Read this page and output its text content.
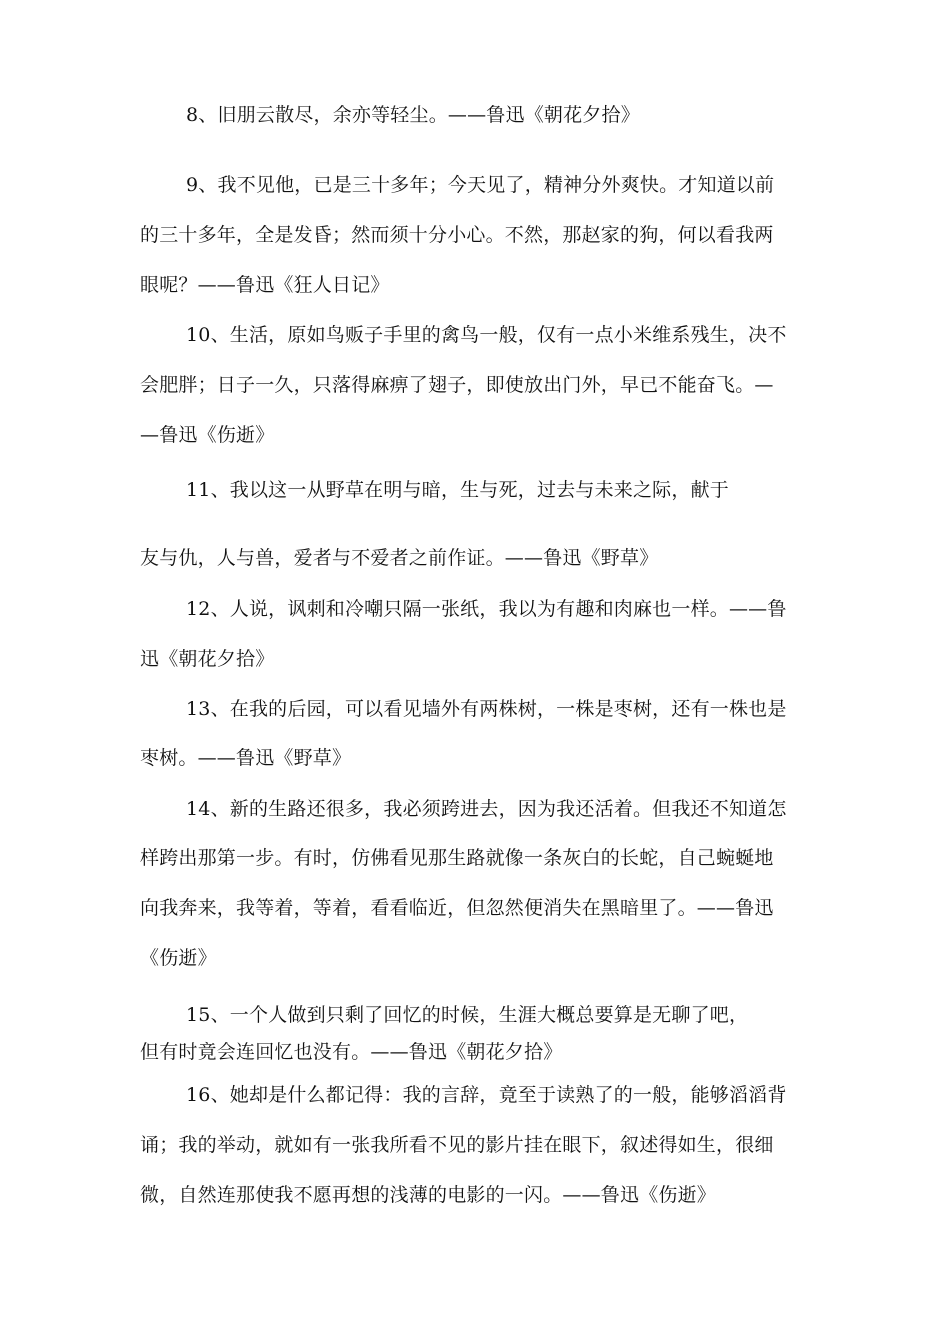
8、旧朋云散尽，余亦等轻尘。——鲁迅《朝花夕拾》
9、我不见他，已是三十多年；今天见了，精神分外爽快。才知道以前
的三十多年，全是发昏；然而须十分小心。不然，那赵家的狗，何以看我两
眼呢？——鲁迅《狂人日记》
10、生活，原如鸟贩子手里的禽鸟一般，仅有一点小米维系残生，决不
会肥胖；日子一久，只落得麻痹了翅子，即使放出门外，早已不能奋飞。—
—鲁迅《伤逝》
11、我以这一从野草在明与暗，生与死，过去与未来之际，献于
友与仇，人与兽，爱者与不爱者之前作证。——鲁迅《野草》
12、人说，讽刺和冷嘲只隔一张纸，我以为有趣和肉麻也一样。——鲁
迅《朝花夕拾》
13、在我的后园，可以看见墙外有两株树，一株是枣树，还有一株也是
枣树。——鲁迅《野草》
14、新的生路还很多，我必须跨进去，因为我还活着。但我还不知道怎
样跨出那第一步。有时，仿佛看见那生路就像一条灰白的长蛇，自己蜿蜒地
向我奔来，我等着，等着，看看临近，但忽然便消失在黑暗里了。——鲁迅
《伤逝》
15、一个人做到只剩了回忆的时候，生涯大概总要算是无聊了吧，
但有时竟会连回忆也没有。——鲁迅《朝花夕拾》
16、她却是什么都记得：我的言辞，竟至于读熟了的一般，能够滔滔背
诵；我的举动，就如有一张我所看不见的影片挂在眼下，叙述得如生，很细
微，自然连那使我不愿再想的浅薄的电影的一闪。——鲁迅《伤逝》
